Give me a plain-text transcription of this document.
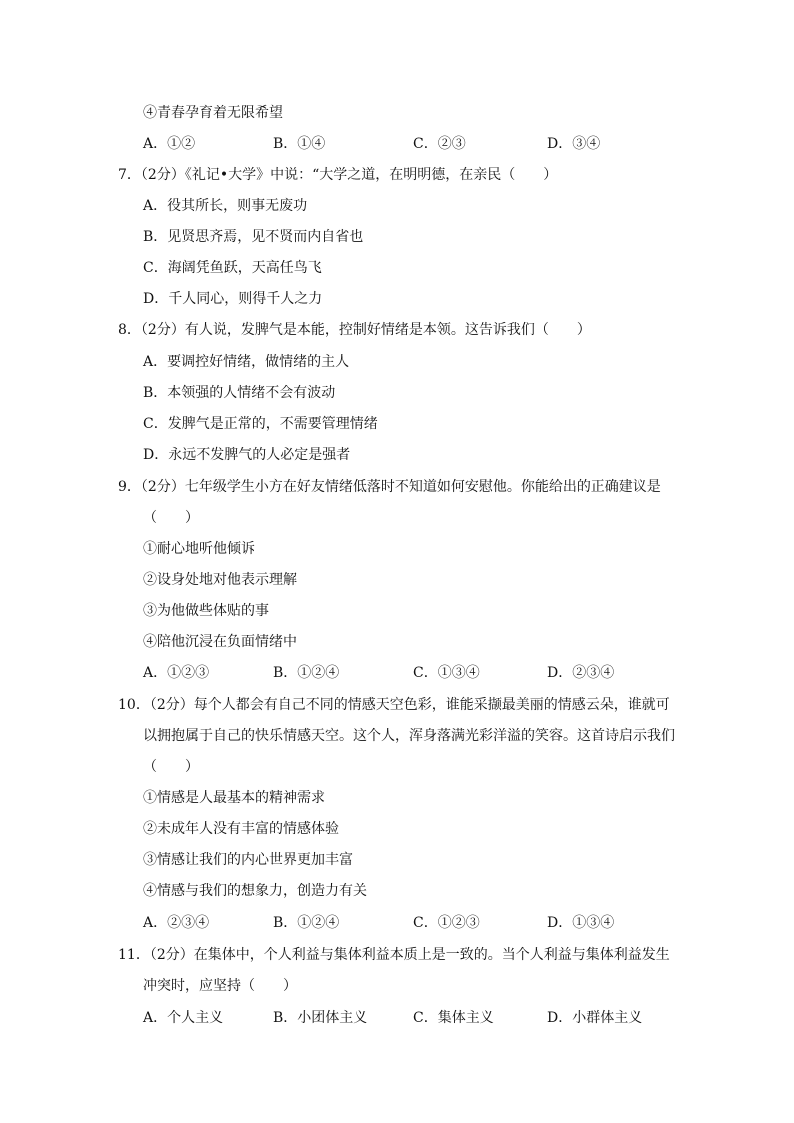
④青春孕育着无限希望
A．①②	B．①④	C．②③	D．③④
7．（2分）《礼记•大学》中说：“大学之道，在明明德，在亲民（　　）
A．役其所长，则事无废功
B．见贤思齐焉，见不贤而内自省也
C．海阔凭鱼跃，天高任鸟飞
D．千人同心，则得千人之力
8．（2分）有人说，发脾气是本能，控制好情绪是本领。这告诉我们（　　）
A．要调控好情绪，做情绪的主人
B．本领强的人情绪不会有波动
C．发脾气是正常的，不需要管理情绪
D．永远不发脾气的人必定是强者
9．（2分）七年级学生小方在好友情绪低落时不知道如何安慰他。你能给出的正确建议是
（　　）
①耐心地听他倾诉
②设身处地对他表示理解
③为他做些体贴的事
④陪他沉浸在负面情绪中
A．①②③	B．①②④	C．①③④	D．②③④
10．（2分）每个人都会有自己不同的情感天空色彩，谁能采撷最美丽的情感云朵，谁就可
以拥抱属于自己的快乐情感天空。这个人，浑身落满光彩洋溢的笑容。这首诗启示我们
（　　）
①情感是人最基本的精神需求
②未成年人没有丰富的情感体验
③情感让我们的内心世界更加丰富
④情感与我们的想象力，创造力有关
A．②③④	B．①②④	C．①②③	D．①③④
11．（2分）在集体中，个人利益与集体利益本质上是一致的。当个人利益与集体利益发生
冲突时，应坚持（　　）
A．个人主义	B．小团体主义	C．集体主义	D．小群体主义
